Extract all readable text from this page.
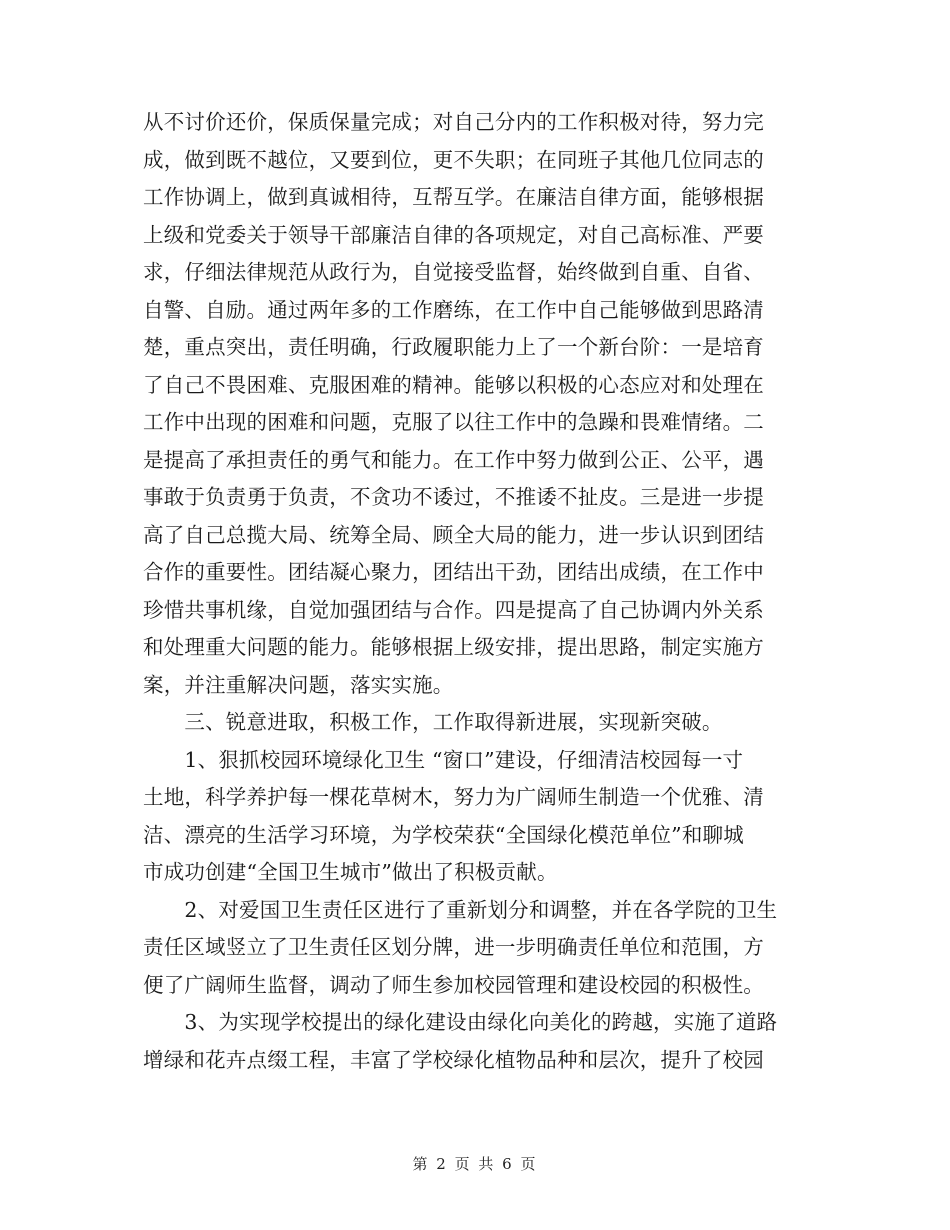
从不讨价还价，保质保量完成；对自己分内的工作积极对待，努力完
成，做到既不越位，又要到位，更不失职；在同班子其他几位同志的
工作协调上，做到真诚相待，互帮互学。在廉洁自律方面，能够根据
上级和党委关于领导干部廉洁自律的各项规定，对自己高标准、严要
求，仔细法律规范从政行为，自觉接受监督，始终做到自重、自省、
自警、自励。通过两年多的工作磨练，在工作中自己能够做到思路清
楚，重点突出，责任明确，行政履职能力上了一个新台阶：一是培育
了自己不畏困难、克服困难的精神。能够以积极的心态应对和处理在
工作中出现的困难和问题，克服了以往工作中的急躁和畏难情绪。二
是提高了承担责任的勇气和能力。在工作中努力做到公正、公平，遇
事敢于负责勇于负责，不贪功不诿过，不推诿不扯皮。三是进一步提
高了自己总揽大局、统筹全局、顾全大局的能力，进一步认识到团结
合作的重要性。团结凝心聚力，团结出干劲，团结出成绩，在工作中
珍惜共事机缘，自觉加强团结与合作。四是提高了自己协调内外关系
和处理重大问题的能力。能够根据上级安排，提出思路，制定实施方
案，并注重解决问题，落实实施。
　　三、锐意进取，积极工作，工作取得新进展，实现新突破。
　　1、狠抓校园环境绿化卫生 “窗口”建设，仔细清洁校园每一寸
土地，科学养护每一棵花草树木，努力为广阔师生制造一个优雅、清
洁、漂亮的生活学习环境，为学校荣获“全国绿化模范单位”和聊城
市成功创建“全国卫生城市”做出了积极贡献。
　　2、对爱国卫生责任区进行了重新划分和调整，并在各学院的卫生
责任区域竖立了卫生责任区划分牌，进一步明确责任单位和范围，方
便了广阔师生监督，调动了师生参加校园管理和建设校园的积极性。
　　3、为实现学校提出的绿化建设由绿化向美化的跨越，实施了道路
增绿和花卉点缀工程，丰富了学校绿化植物品种和层次，提升了校园
第 2 页 共 6 页
